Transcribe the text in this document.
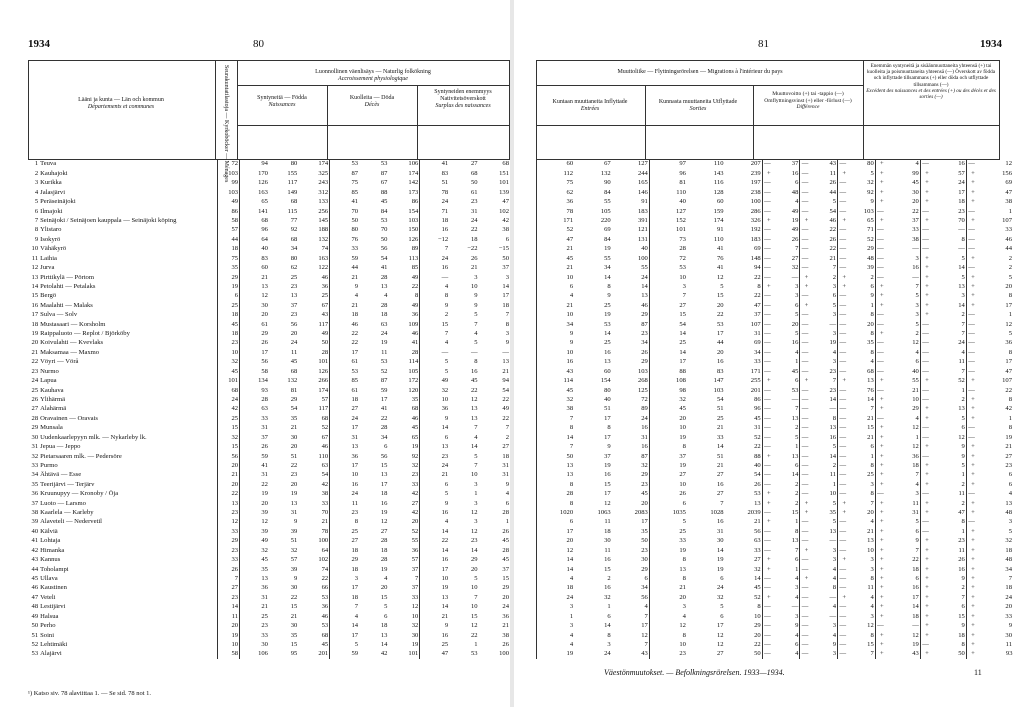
1934	80
Lääni ja kunta — Län och kommun
Départements et communes	Seurakuntatilastoja — Kyrkoböcker — Ménages	Luonnollinen väenlisäys — Naturlig folkökning
Accroissement physiologique
Syntyneitä — Födda
Naissances
Kuolleita — Döda
Décès
Syntyneiden enemmyys Nativitetsöverskott
Surplus des naissances
1	Teuva	72	94	80	174	53	53	106	41	27	68
2	Kauhajoki	103	170	155	325	87	87	174	83	68	151
3	Kurikka	99	126	117	243	75	67	142	51	50	101
4	Jalasjärvi	103	163	149	312	85	88	173	78	61	139
5	Peräseinäjoki	49	65	68	133	41	45	86	24	23	47
6	Ilmajoki	86	141	115	256	70	84	154	71	31	102
7	Seinäjoki / Seinäjoen kauppala — Seinäjoki köping	58	68	77	145	50	53	103	18	24	42
8	Ylistaro	57	96	92	188	80	70	150	16	22	38
9	Isokyrö	44	64	68	132	76	50	126	−12	18	6
10	Vähäkyrö	18	40	34	74	33	56	89	7	−22	−15
11	Laihia	75	83	80	163	59	54	113	24	26	50
12	Jurva	35	60	62	122	44	41	85	16	21	37
13	Pirttikylä — Pörtom	29	21	25	46	21	28	49	—	3	3
14	Petolahti — Petalaks	19	13	23	36	9	13	22	4	10	14
15	Bergö	6	12	13	25	4	4	8	8	9	17
16	Maalahti — Malaks	25	30	37	67	21	28	49	9	9	18
17	Sulva — Solv	18	20	23	43	18	18	36	2	5	7
18	Mustasaari — Korsholm	45	61	56	117	46	63	109	15	7	8
19	Raippaluoto — Replot / Björköby	18	29	20	49	22	24	46	7	4	3
20	Koivulahti — Kvevlaks	23	26	24	50	22	19	41	4	5	9
21	Maksamaa — Maxmo	10	17	11	28	17	11	28	—	—	—
22	Vöyri — Vörå	32	56	45	101	61	53	114	5	8	13
23	Nurmo	45	58	68	126	53	52	105	5	16	21
24	Lapua	101	134	132	266	85	87	172	49	45	94
25	Kauhava	68	93	81	174	61	59	120	32	22	54
26	Ylihärmä	24	28	29	57	18	17	35	10	12	22
27	Alahärmä	42	63	54	117	27	41	68	36	13	49
28	Oravainen — Oravais	25	33	35	68	24	22	46	9	13	22
29	Munsala	15	31	21	52	17	28	45	14	7	7
30	Uudenkaarlepyyn mlk. — Nykarleby lk.	32	37	30	67	31	34	65	6	4	2
31	Jepua — Jeppo	15	26	20	46	13	6	19	13	14	27
32	Pietarsaaren mlk. — Pedersöre	56	59	51	110	36	56	92	23	5	18
33	Purmo	20	41	22	63	17	15	32	24	7	31
34	Ähtävä — Esse	21	31	23	54	10	13	23	21	10	31
35	Teerijärvi — Terjärv	20	22	20	42	16	17	33	6	3	9
36	Kruunupyy — Kronoby / Öja	22	19	19	38	24	18	42	5	1	4
37	Luoto — Larsmo	13	20	13	33	11	16	27	9	3	6
38	Kaarlela — Karleby	23	39	31	70	23	19	42	16	12	28
39	Alaveteli — Nedervetil	12	12	9	21	8	12	20	4	3	1
40	Kälviä	33	39	39	78	25	27	52	14	12	26
41	Lohtaja	29	49	51	100	27	28	55	22	23	45
42	Himanka	23	32	32	64	18	18	36	14	14	28
43	Kannus	33	45	57	102	29	28	57	16	29	45
44	Toholampi	26	35	39	74	18	19	37	17	20	37
45	Ullava	7	13	9	22	3	4	7	10	5	15
46	Kaustinen	27	36	30	66	17	20	37	19	10	29
47	Veteli	23	31	22	53	18	15	33	13	7	20
48	Lestijärvi	14	21	15	36	7	5	12	14	10	24
49	Halsua	11	25	21	46	4	6	10	21	15	36
50	Perho	20	23	30	53	14	18	32	9	12	21
51	Soini	19	33	35	68	17	13	30	16	22	38
52	Lehtimäki	10	30	15	45	5	14	19	25	1	26
53	Alajärvi	58	106	95	201	59	42	101	47	53	100
¹) Katso siv. 78 alaviittaa 1. — Se sid. 78 not 1.
81	1934
Muuttoliike — Flyttningsrörelsen — Migrations à l'intérieur du pays
Kuntaan muuttaneita Inflyttade
Entrées
Kunnasta muuttaneita Utflyttade
Sorties
Muuttovoitto (+) tai -tappio (—) Omflyttningsvinst (+) eller -förlust (—)
Différence
Enemmän syntyneitä ja sisäänmuuttaneita yhteensä (+) tai kuolleita ja poismuuttaneita yhteensä (—) Överskott av födda och inflyttade tillsammans (+) eller döda och utflyttade tillsammans (—)
Excédent des naissances et des entrées (+) ou des décès et des sorties (—)
60	67	127	97	110	207	—	37	—	43	—	80	+	4	—	16	—	12
112	132	244	96	143	239	+	16	—	11	+	5	+	99	+	57	+	156
75	90	165	81	116	197	—	6	—	26	—	32	+	45	+	24	+	69
62	84	146	110	128	238	—	48	—	44	—	92	+	30	+	17	+	47
36	55	91	40	60	100	—	4	—	5	—	9	+	20	+	18	+	38
78	105	183	127	159	286	—	49	—	54	—	103	—	22	—	23	—	1
171	220	391	152	174	326	+	19	+	46	+	65	+	37	+	70	+	107
52	69	121	101	91	192	—	49	—	22	—	71	—	33	—	—	—	33
47	84	131	73	110	183	—	26	—	26	—	52	—	38	—	8	—	46
21	19	40	28	41	69	—	7	—	22	—	29	—	—	—	—	—	44
45	55	100	72	76	148	—	27	—	21	—	48	—	3	+	5	+	2
21	34	55	53	41	94	—	32	—	7	—	39	—	16	+	14	—	2
10	14	24	10	12	22	—	—	+	2	+	2	—	—	+	5	+	5
6	8	14	3	5	8	+	3	+	3	+	6	+	7	+	13	+	20
4	9	13	7	15	22	—	3	—	6	—	9	+	5	+	3	+	8
21	25	46	27	20	47	—	6	+	5	—	1	+	3	+	14	+	17
10	19	29	15	22	37	—	5	—	3	—	8	—	3	+	2	—	1
34	53	87	54	53	107	—	20	—	—	—	20	—	5	—	7	—	12
9	14	23	14	17	31	—	5	—	3	—	8	+	2	—	7	—	5
9	25	34	25	44	69	—	16	—	19	—	35	—	12	—	24	—	36
10	16	26	14	20	34	—	4	—	4	—	8	—	4	—	4	—	8
16	13	29	17	16	33	—	1	—	3	—	4	—	6	—	11	—	17
43	60	103	88	83	171	—	45	—	23	—	68	—	40	—	7	—	47
114	154	268	108	147	255	+	6	+	7	+	13	+	55	+	52	+	107
45	80	125	98	103	201	—	53	—	23	—	76	—	21	—	1	—	22
32	40	72	32	54	86	—	—	—	14	—	14	+	10	—	2	+	8
38	51	89	45	51	96	—	7	—	—	—	7	+	29	+	13	+	42
7	17	24	20	25	45	—	13	—	8	—	21	—	4	+	5	+	1
8	8	16	10	21	31	—	2	—	13	—	15	+	12	—	6	—	8
14	17	31	19	33	52	—	5	—	16	—	21	+	1	—	12	—	19
7	9	16	8	14	22	—	1	—	5	—	6	+	12	+	9	+	21
50	37	87	37	51	88	+	13	—	14	—	1	+	36	—	9	+	27
13	19	32	19	21	40	—	6	—	2	—	8	+	18	+	5	+	23
13	16	29	27	27	54	—	14	—	11	—	25	+	7	+	1	+	6
8	15	23	10	16	26	—	2	—	1	—	3	+	4	+	2	+	6
28	17	45	26	27	53	+	2	—	10	—	8	—	3	—	11	—	4
8	12	20	6	7	13	+	2	+	5	+	7	+	11	+	2	+	13
1020	1063	2083	1035	1028	2039	—	15	+	35	+	20	+	31	+	47	+	48
6	11	17	5	16	21	+	1	—	5	—	4	+	5	—	8	—	3
17	18	35	25	31	56	—	8	—	13	—	21	+	6	—	1	+	5
20	30	50	33	30	63	—	13	—	—	—	13	+	9	+	23	+	32
12	11	23	19	14	33	—	7	+	3	—	10	+	7	+	11	+	18
14	16	30	8	19	27	+	6	—	3	+	3	+	22	+	26	+	48
14	15	29	13	19	32	+	1	—	4	—	3	+	18	+	16	+	34
4	2	6	8	6	14	—	4	+	4	—	8	+	6	+	9	+	7
18	16	34	21	24	45	—	3	—	8	—	11	+	16	+	2	+	18
24	32	56	20	32	52	+	4	—	—	+	4	+	17	+	7	+	24
3	1	4	3	5	8	—	—	—	4	—	4	+	14	+	6	+	20
1	6	7	4	6	10	—	3	—	—	—	3	+	18	+	15	+	33
3	14	17	12	17	29	—	9	—	3	—	12	—	—	+	9	+	9
4	8	12	8	12	20	—	4	—	4	—	8	+	12	+	18	+	30
4	3	7	10	12	22	—	6	—	9	—	15	+	19	—	8	+	11
19	24	43	23	27	50	—	4	—	3	—	7	+	43	+	50	+	93
Väestönmuutokset. — Befolkningsrörelsen. 1933—1934.	11
